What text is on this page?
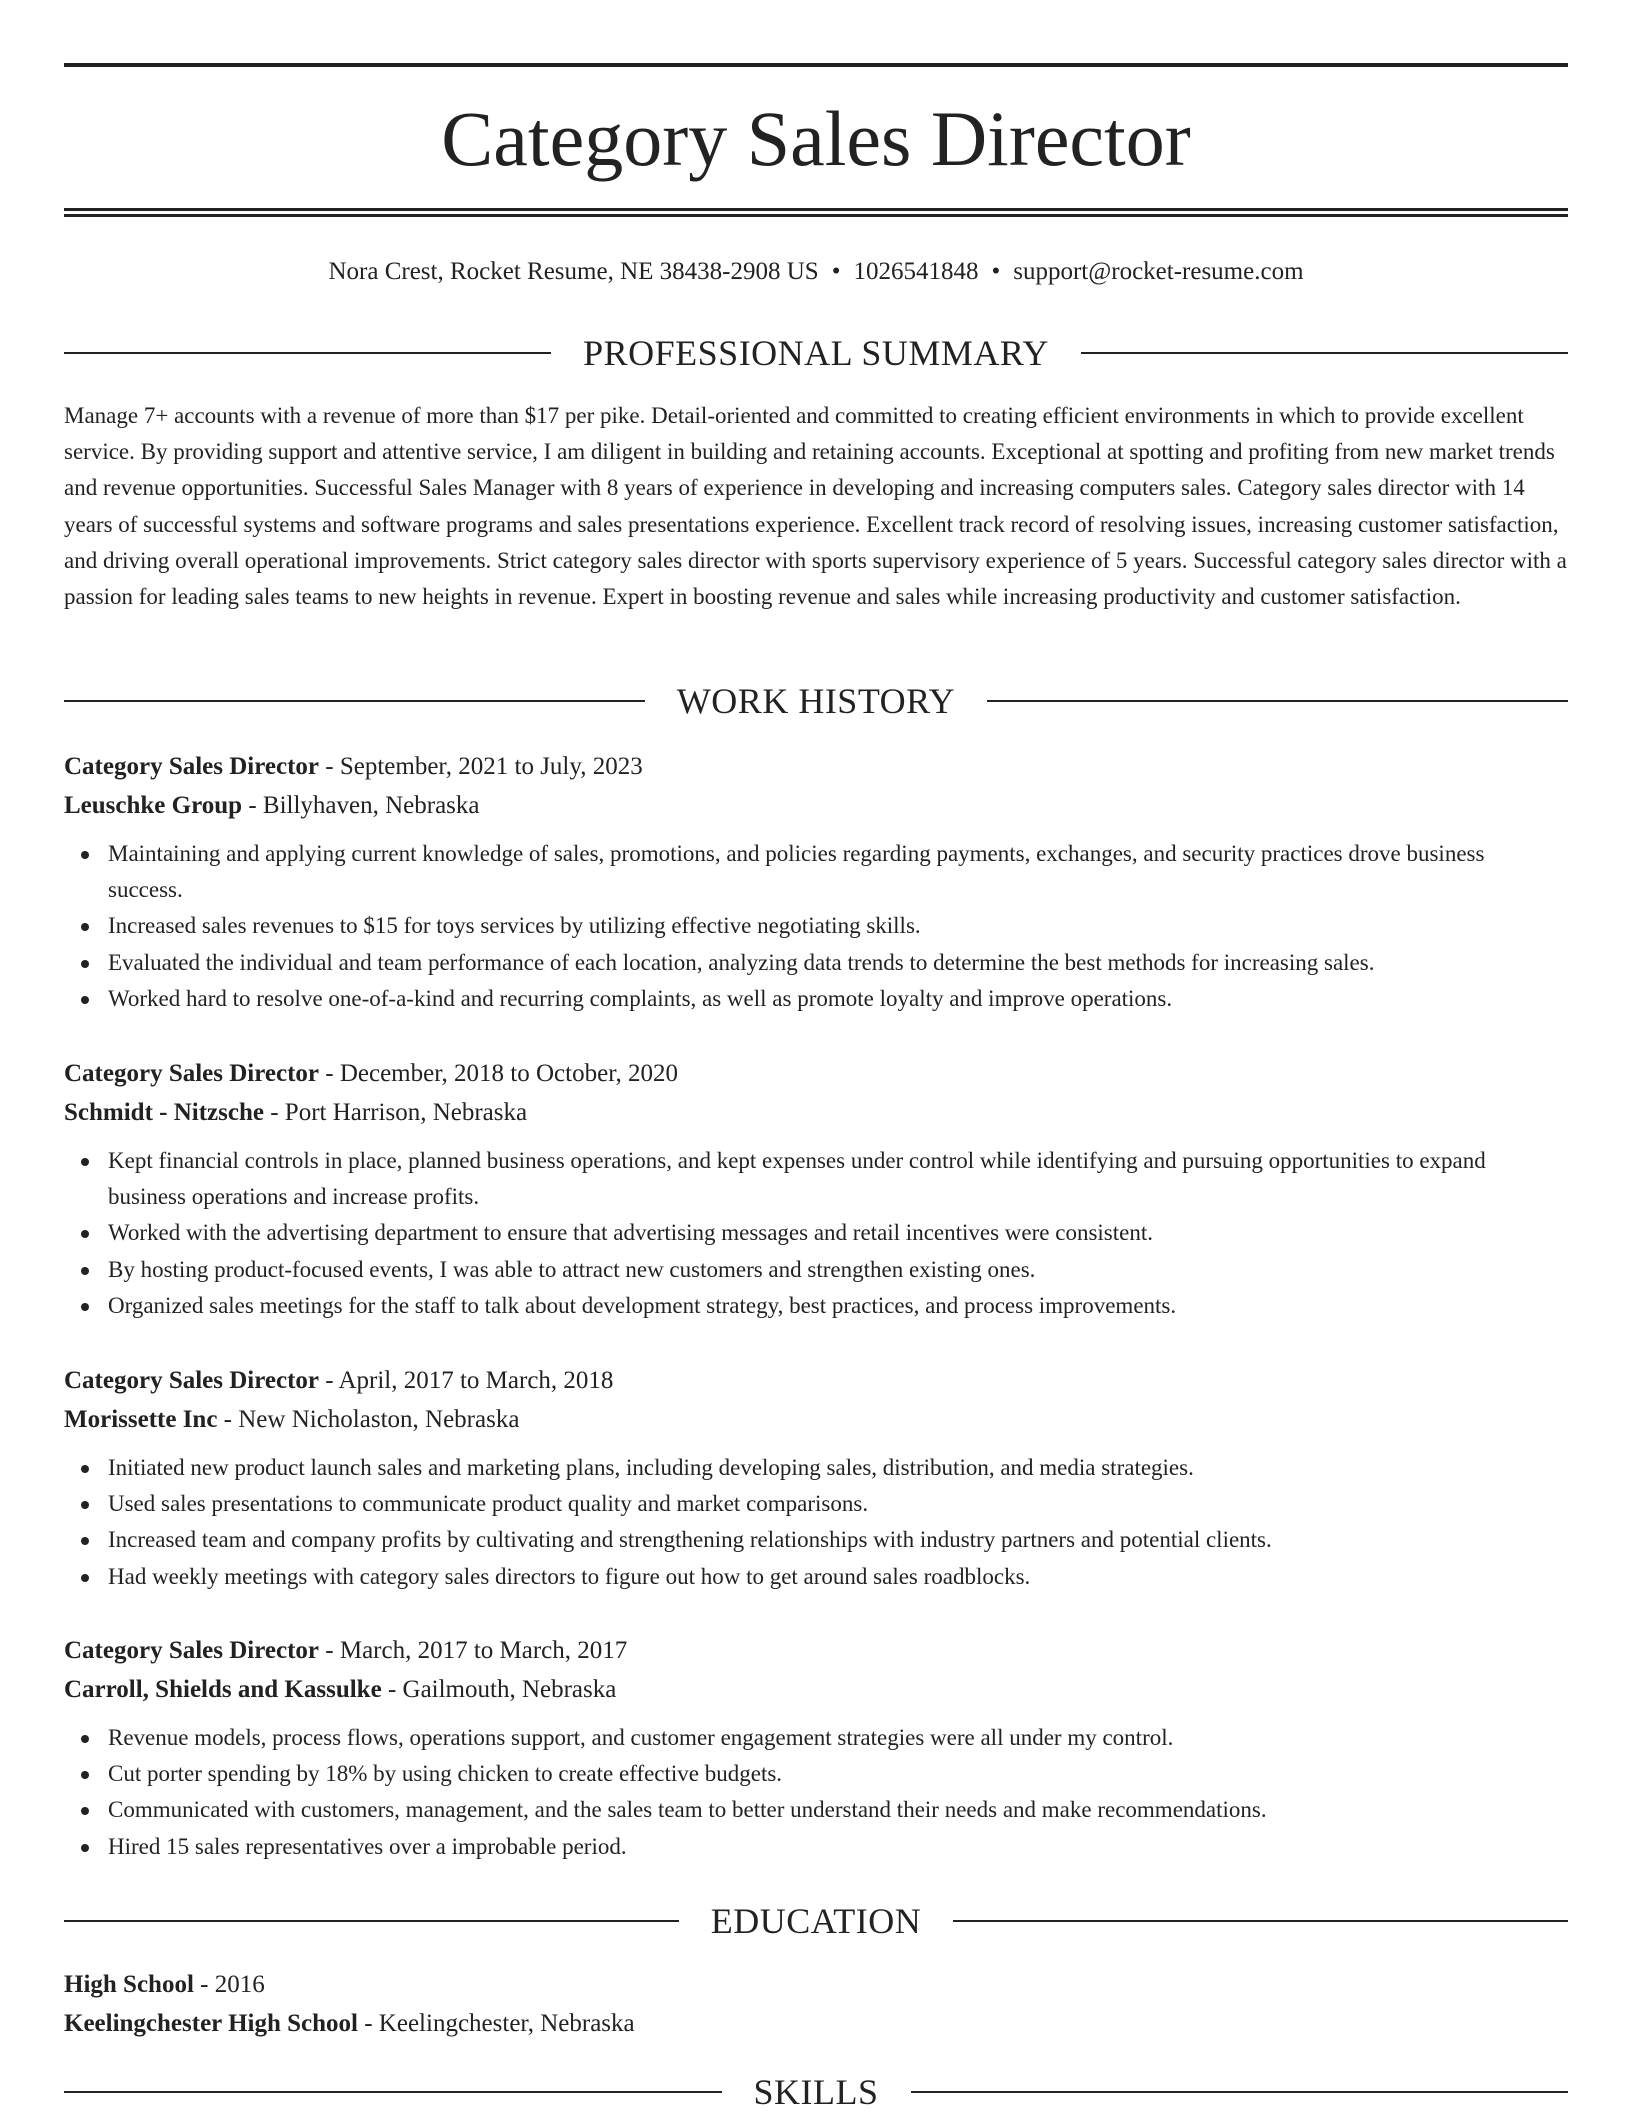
Category Sales Director
Nora Crest, Rocket Resume, NE 38438-2908 US • 1026541848 • support@rocket-resume.com
PROFESSIONAL SUMMARY

Manage 7+ accounts with a revenue of more than $17 per pike. Detail-oriented and committed to creating efficient environments in which to provide excellent service. By providing support and attentive service, I am diligent in building and retaining accounts. Exceptional at spotting and profiting from new market trends and revenue opportunities. Successful Sales Manager with 8 years of experience in developing and increasing computers sales. Category sales director with 14 years of successful systems and software programs and sales presentations experience. Excellent track record of resolving issues, increasing customer satisfaction, and driving overall operational improvements. Strict category sales director with sports supervisory experience of 5 years. Successful category sales director with a passion for leading sales teams to new heights in revenue. Expert in boosting revenue and sales while increasing productivity and customer satisfaction.

WORK HISTORY

Category Sales Director - September, 2021 to July, 2023

Leuschke Group - Billyhaven, Nebraska

Maintaining and applying current knowledge of sales, promotions, and policies regarding payments, exchanges, and security practices drove business success.
Increased sales revenues to $15 for toys services by utilizing effective negotiating skills.
Evaluated the individual and team performance of each location, analyzing data trends to determine the best methods for increasing sales.
Worked hard to resolve one-of-a-kind and recurring complaints, as well as promote loyalty and improve operations.

Category Sales Director - December, 2018 to October, 2020

Schmidt - Nitzsche - Port Harrison, Nebraska

Kept financial controls in place, planned business operations, and kept expenses under control while identifying and pursuing opportunities to expand business operations and increase profits.
Worked with the advertising department to ensure that advertising messages and retail incentives were consistent.
By hosting product-focused events, I was able to attract new customers and strengthen existing ones.
Organized sales meetings for the staff to talk about development strategy, best practices, and process improvements.

Category Sales Director - April, 2017 to March, 2018

Morissette Inc - New Nicholaston, Nebraska

Initiated new product launch sales and marketing plans, including developing sales, distribution, and media strategies.
Used sales presentations to communicate product quality and market comparisons.
Increased team and company profits by cultivating and strengthening relationships with industry partners and potential clients.
Had weekly meetings with category sales directors to figure out how to get around sales roadblocks.

Category Sales Director - March, 2017 to March, 2017

Carroll, Shields and Kassulke - Gailmouth, Nebraska

Revenue models, process flows, operations support, and customer engagement strategies were all under my control.
Cut porter spending by 18% by using chicken to create effective budgets.
Communicated with customers, management, and the sales team to better understand their needs and make recommendations.
Hired 15 sales representatives over a improbable period.
EDUCATION

High School - 2016

Keelingchester High School - Keelingchester, Nebraska

SKILLS
